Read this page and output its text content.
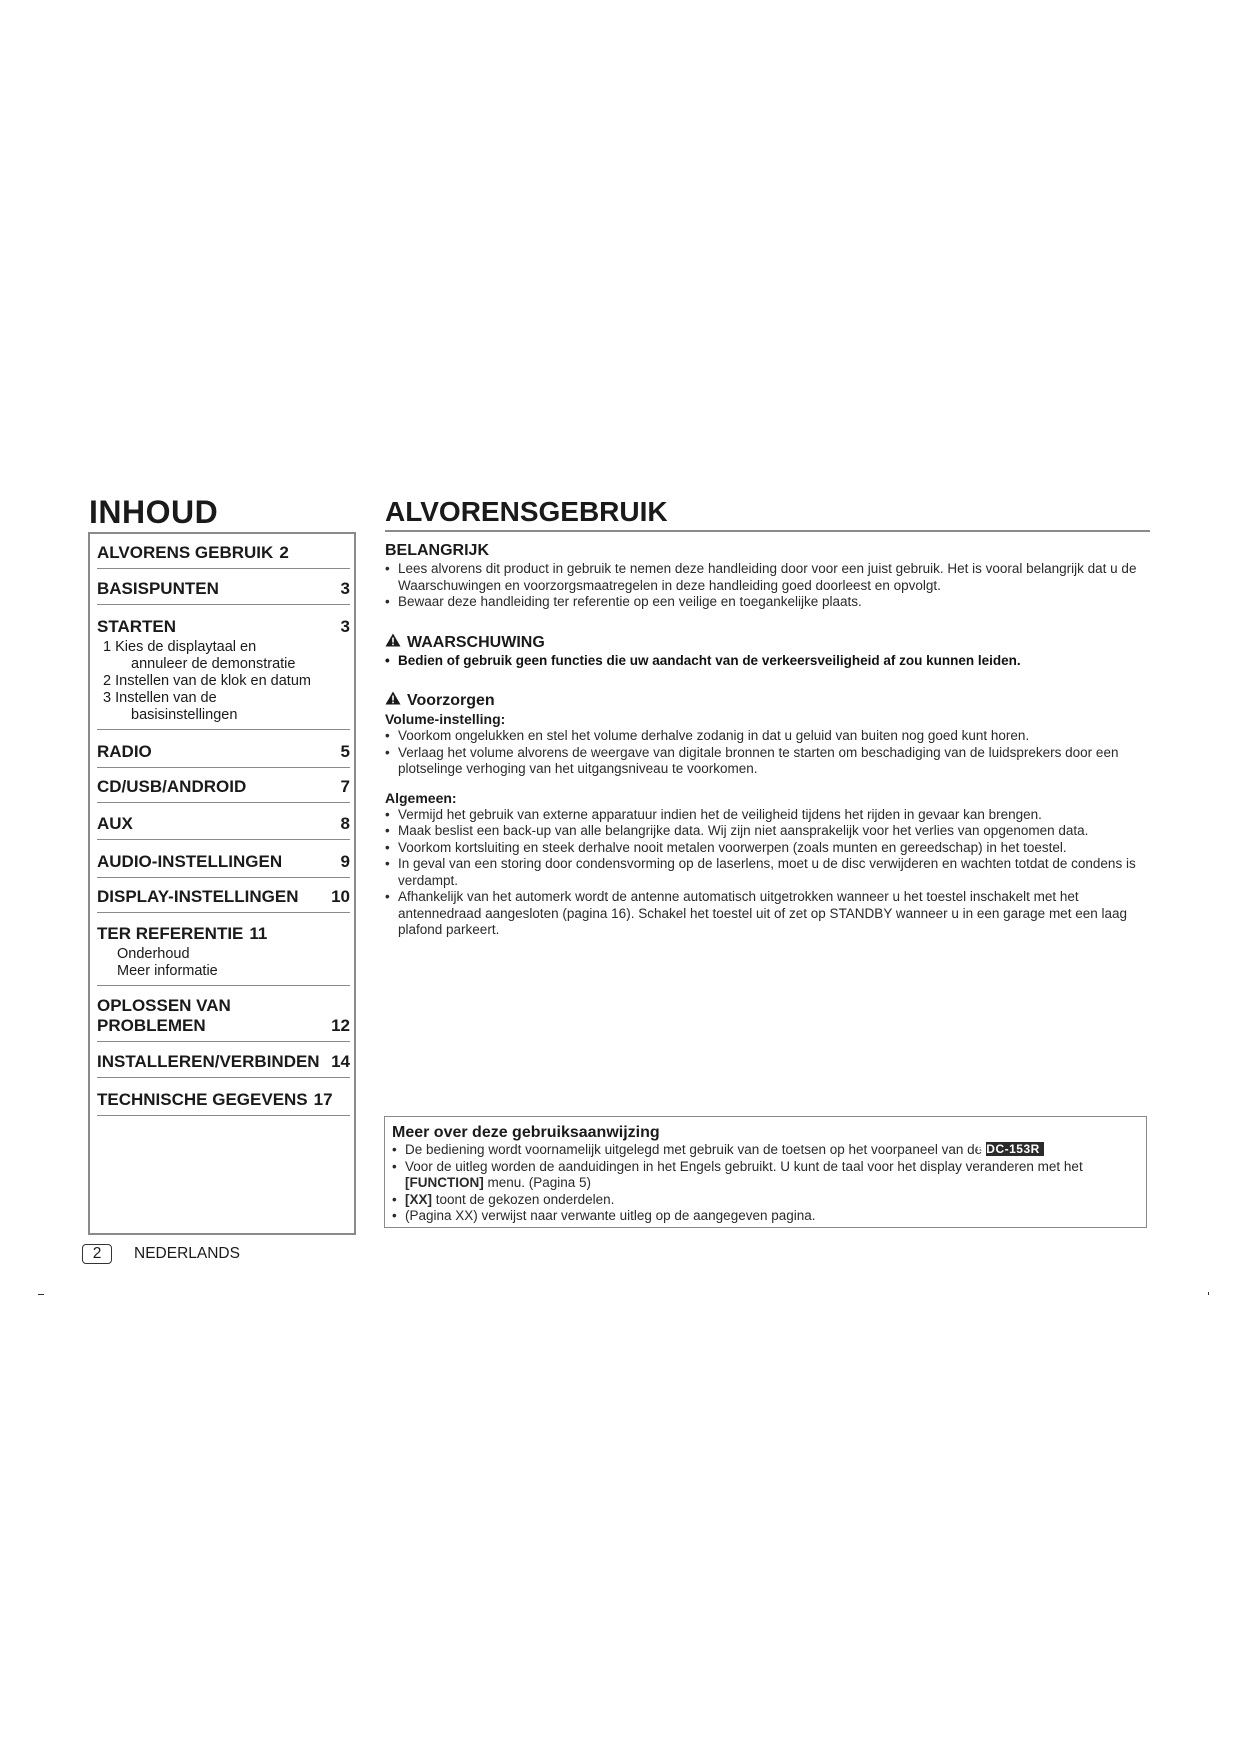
INHOUD
ALVORENS GEBRUIK 2
BASISPUNTEN	3
STARTEN	3
1 Kies de displaytaal en
annuleer de demonstratie
2 Instellen van de klok en datum
3 Instellen van de
basisinstellingen
RADIO	5
CD/USB/ANDROID	7
AUX	8
AUDIO-INSTELLINGEN	9
DISPLAY-INSTELLINGEN 10
TER REFERENTIE 11
Onderhoud
Meer informatie
OPLOSSEN VAN
PROBLEMEN	12
INSTALLEREN/VERBINDEN 14
TECHNISCHE GEGEVENS 17
ALVORENSGEBRUIK
BELANGRIJK

• Lees alvorens dit product in gebruik te nemen deze handleiding door voor een juist gebruik. Het is vooral belangrijk dat u de Waarschuwingen en voorzorgsmaatregelen in deze handleiding goed doorleest en opvolgt.

• Bewaar deze handleiding ter referentie op een veilige en toegankelijke plaats.

WAARSCHUWING

• Bedien of gebruik geen functies die uw aandacht van de verkeersveiligheid af zou kunnen leiden.

Voorzorgen

Volume-instelling:

• Voorkom ongelukken en stel het volume derhalve zodanig in dat u geluid van buiten nog goed kunt horen.

• Verlaag het volume alvorens de weergave van digitale bronnen te starten om beschadiging van de luidsprekers door een plotselinge verhoging van het uitgangsniveau te voorkomen.

Algemeen:

• Vermijd het gebruik van externe apparatuur indien het de veiligheid tijdens het rijden in gevaar kan brengen.

• Maak beslist een back-up van alle belangrijke data. Wij zijn niet aansprakelijk voor het verlies van opgenomen data.

• Voorkom kortsluiting en steek derhalve nooit metalen voorwerpen (zoals munten en gereedschap) in het toestel.

• In geval van een storing door condensvorming op de laserlens, moet u de disc verwijderen en wachten totdat de condens is verdampt.

• Afhankelijk van het automerk wordt de antenne automatisch uitgetrokken wanneer u het toestel inschakelt met het antennedraad aangesloten (pagina 16). Schakel het toestel uit of zet op STANDBY wanneer u in een garage met een laag plafond parkeert.

Meer over deze gebruiksaanwijzing

• De bediening wordt voornamelijk uitgelegd met gebruik van de toetsen op het voorpaneel van deKDC-153R

• Voor de uitleg worden de aanduidingen in het Engels gebruikt. U kunt de taal voor het display veranderen met het [FUNCTION] menu. (Pagina 5)

• [XX] toont de gekozen onderdelen.

• (Pagina XX) verwijst naar verwante uitleg op de aangegeven pagina.

2 NEDERLANDS
